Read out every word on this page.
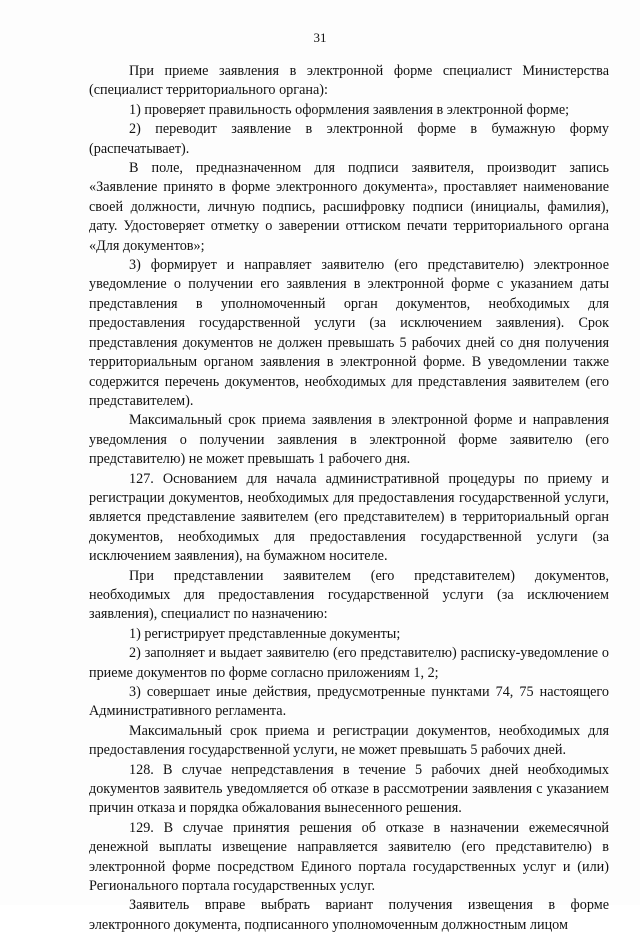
31

При приеме заявления в электронной форме специалист Министерства (специалист территориального органа):

1) проверяет правильность оформления заявления в электронной форме;

2) переводит заявление в электронной форме в бумажную форму (распечатывает).

В поле, предназначенном для подписи заявителя, производит запись «Заявление принято в форме электронного документа», проставляет наименование своей должности, личную подпись, расшифровку подписи (инициалы, фамилия), дату. Удостоверяет отметку о заверении оттиском печати территориального органа «Для документов»;

3) формирует и направляет заявителю (его представителю) электронное уведомление о получении его заявления в электронной форме с указанием даты представления в уполномоченный орган документов, необходимых для предоставления государственной услуги (за исключением заявления). Срок представления документов не должен превышать 5 рабочих дней со дня получения территориальным органом заявления в электронной форме. В уведомлении также содержится перечень документов, необходимых для представления заявителем (его представителем).

Максимальный срок приема заявления в электронной форме и направления уведомления о получении заявления в электронной форме заявителю (его представителю) не может превышать 1 рабочего дня.

127. Основанием для начала административной процедуры по приему и регистрации документов, необходимых для предоставления государственной услуги, является представление заявителем (его представителем) в территориальный орган документов, необходимых для предоставления государственной услуги (за исключением заявления), на бумажном носителе.

При представлении заявителем (его представителем) документов, необходимых для предоставления государственной услуги (за исключением заявления), специалист по назначению:

1) регистрирует представленные документы;

2) заполняет и выдает заявителю (его представителю) расписку-уведомление о приеме документов по форме согласно приложениям 1, 2;

3) совершает иные действия, предусмотренные пунктами 74, 75 настоящего Административного регламента.

Максимальный срок приема и регистрации документов, необходимых для предоставления государственной услуги, не может превышать 5 рабочих дней.

128. В случае непредставления в течение 5 рабочих дней необходимых документов заявитель уведомляется об отказе в рассмотрении заявления с указанием причин отказа и порядка обжалования вынесенного решения.

129. В случае принятия решения об отказе в назначении ежемесячной денежной выплаты извещение направляется заявителю (его представителю) в электронной форме посредством Единого портала государственных услуг и (или) Регионального портала государственных услуг.

Заявитель вправе выбрать вариант получения извещения в форме электронного документа, подписанного уполномоченным должностным лицом
